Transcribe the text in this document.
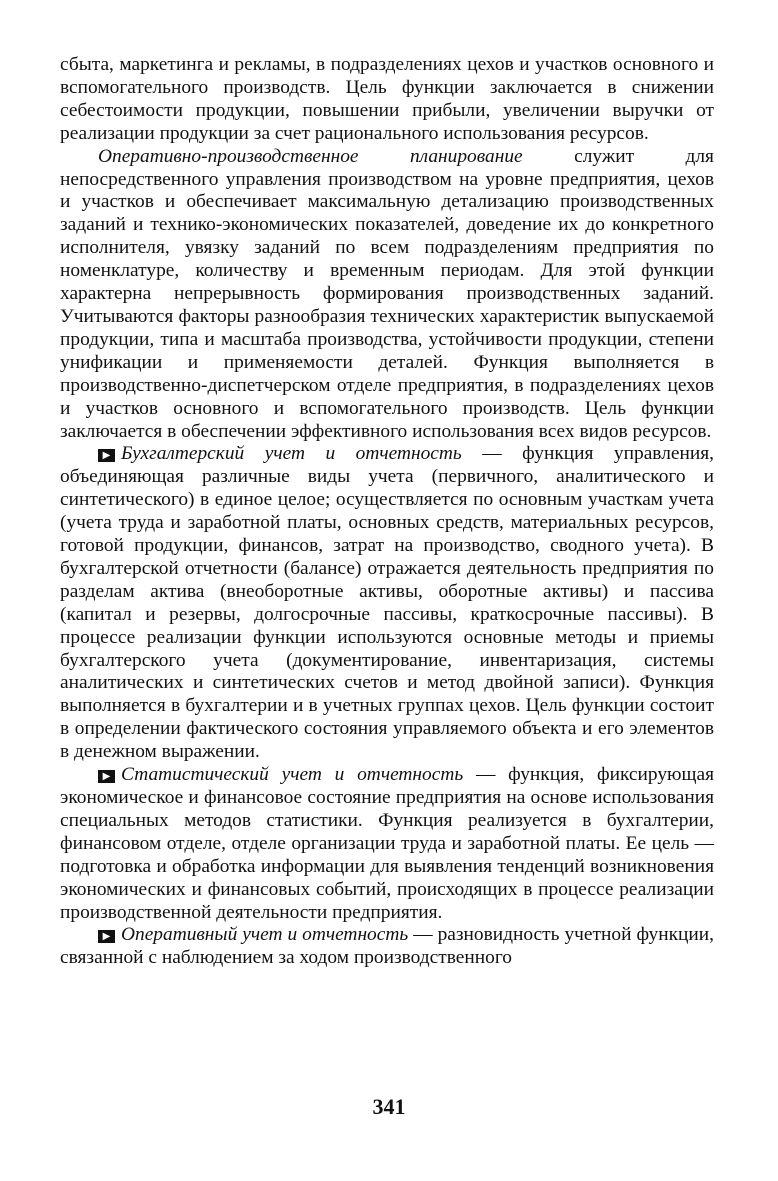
сбыта, маркетинга и рекламы, в подразделениях цехов и участков основного и вспомогательного производств. Цель функции заключается в снижении себестоимости продукции, повышении прибыли, увеличении выручки от реализации продукции за счет рационального использования ресурсов.

Оперативно-производственное планирование служит для непосредственного управления производством на уровне предприятия, цехов и участков и обеспечивает максимальную детализацию производственных заданий и технико-экономических показателей, доведение их до конкретного исполнителя, увязку заданий по всем подразделениям предприятия по номенклатуре, количеству и временным периодам. Для этой функции характерна непрерывность формирования производственных заданий. Учитываются факторы разнообразия технических характеристик выпускаемой продукции, типа и масштаба производства, устойчивости продукции, степени унификации и применяемости деталей. Функция выполняется в производственно-диспетчерском отделе предприятия, в подразделениях цехов и участков основного и вспомогательного производств. Цель функции заключается в обеспечении эффективного использования всех видов ресурсов.

▶ Бухгалтерский учет и отчетность — функция управления, объединяющая различные виды учета (первичного, аналитического и синтетического) в единое целое; осуществляется по основным участкам учета (учета труда и заработной платы, основных средств, материальных ресурсов, готовой продукции, финансов, затрат на производство, сводного учета). В бухгалтерской отчетности (балансе) отражается деятельность предприятия по разделам актива (внеоборотные активы, оборотные активы) и пассива (капитал и резервы, долгосрочные пассивы, краткосрочные пассивы). В процессе реализации функции используются основные методы и приемы бухгалтерского учета (документирование, инвентаризация, системы аналитических и синтетических счетов и метод двойной записи). Функция выполняется в бухгалтерии и в учетных группах цехов. Цель функции состоит в определении фактического состояния управляемого объекта и его элементов в денежном выражении.

▶ Статистический учет и отчетность — функция, фиксирующая экономическое и финансовое состояние предприятия на основе использования специальных методов статистики. Функция реализуется в бухгалтерии, финансовом отделе, отделе организации труда и заработной платы. Ее цель — подготовка и обработка информации для выявления тенденций возникновения экономических и финансовых событий, происходящих в процессе реализации производственной деятельности предприятия.

▶ Оперативный учет и отчетность — разновидность учетной функции, связанной с наблюдением за ходом производственного

341
